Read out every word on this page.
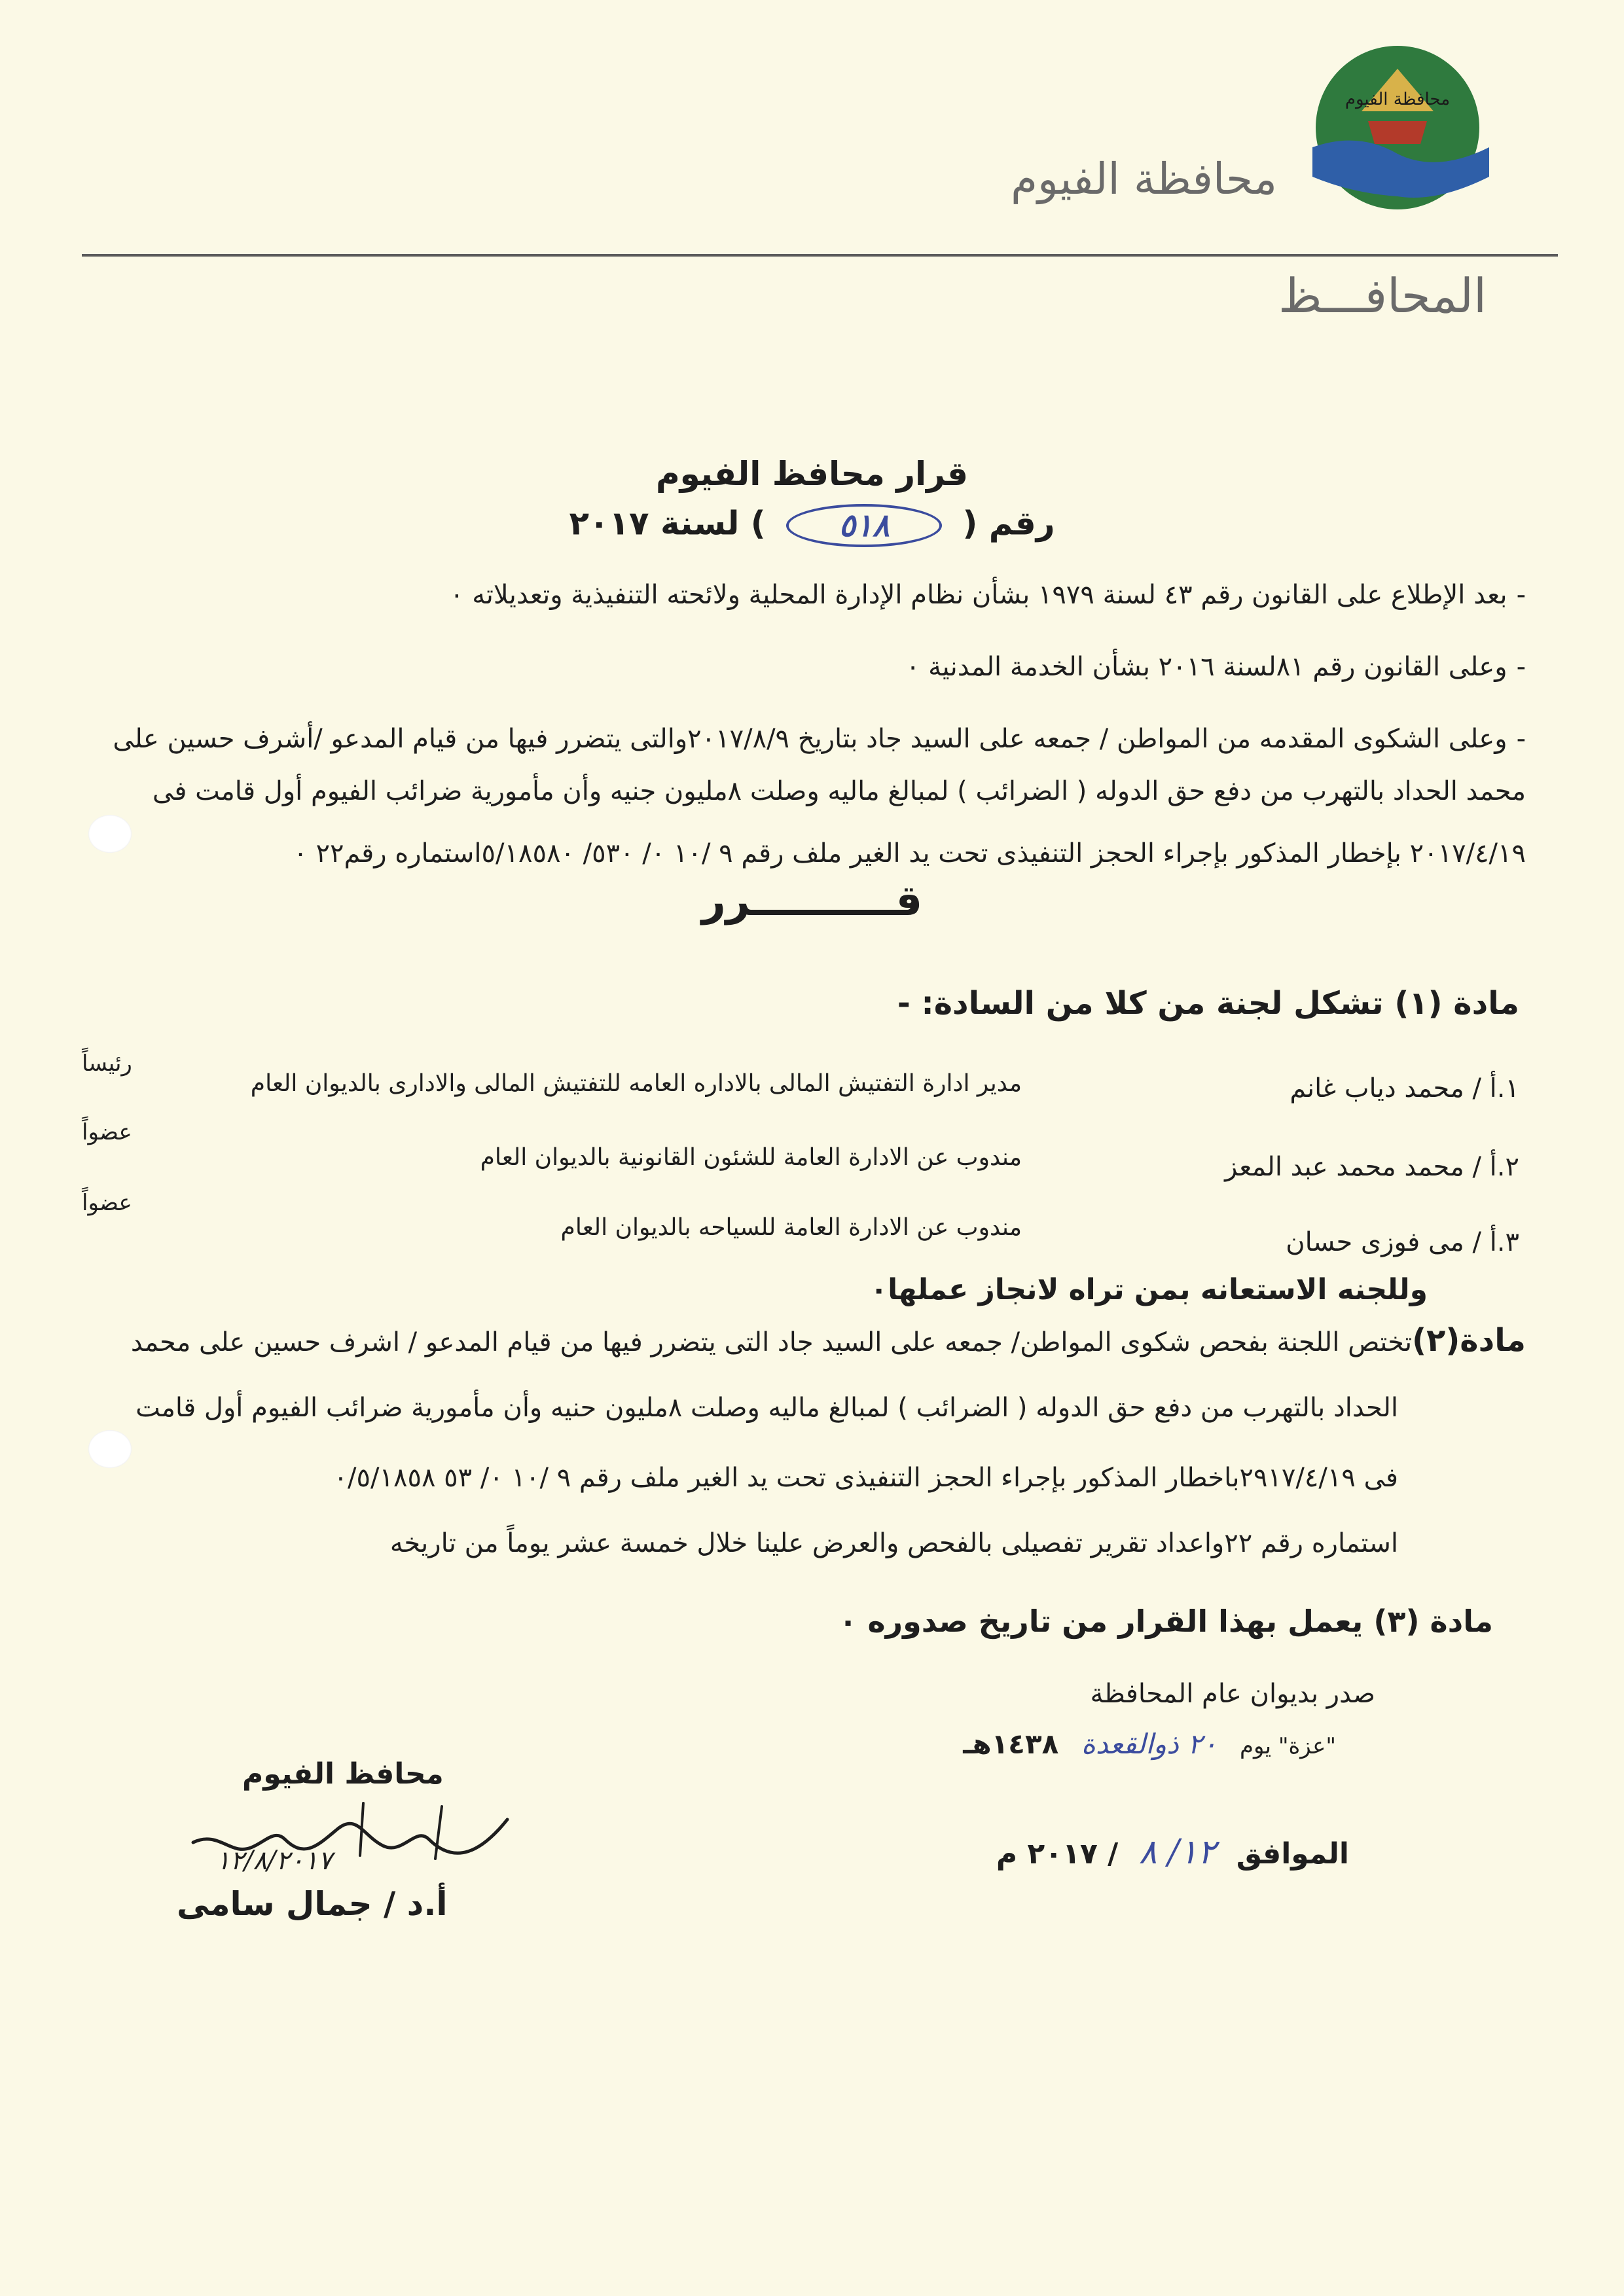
محافظة الفيوم
محافظة الفيوم
المحافـــظ
قرار محافظ الفيوم
رقم ( ٥١٨ ) لسنة ٢٠١٧
-بعد الإطلاع على القانون رقم ٤٣ لسنة ١٩٧٩ بشأن نظام الإدارة المحلية ولائحته التنفيذية وتعديلاته ٠
-وعلى القانون رقم ٨١لسنة ٢٠١٦ بشأن الخدمة المدنية ٠
-وعلى الشكوى المقدمه من المواطن / جمعه على السيد جاد بتاريخ ٢٠١٧/٨/٩والتى يتضرر فيها من قيام المدعو /أشرف حسين على
محمد الحداد بالتهرب من دفع حق الدوله ( الضرائب ) لمبالغ ماليه وصلت ٨مليون جنيه وأن مأمورية ضرائب الفيوم أول قامت فى
٢٠١٧/٤/١٩ بإخطار المذكور بإجراء الحجز التنفيذى تحت يد الغير ملف رقم ٩ /١٠ ٠/ ٥٣٠/ ٥/١٨٥٨٠استماره رقم٢٢ ٠
قــــــــــرر
مادة (١) تشكل لجنة من كلا من السادة: -
١.أ / محمد دياب غانم
مدير ادارة التفتيش المالى بالاداره العامه للتفتيش المالى والادارى بالديوان العام
رئيساً
٢.أ / محمد محمد عبد المعز
مندوب عن الادارة العامة للشئون القانونية بالديوان العام
عضواً
٣.أ / مى فوزى حسان
مندوب عن الادارة العامة للسياحه بالديوان العام
عضواً
وللجنه الاستعانه بمن تراه لانجاز عملها٠
مادة(٢)تختص اللجنة بفحص شكوى المواطن/ جمعه على السيد جاد التى يتضرر فيها من قيام المدعو / اشرف حسين على محمد
الحداد بالتهرب من دفع حق الدوله ( الضرائب ) لمبالغ ماليه وصلت ٨مليون حنيه وأن مأمورية ضرائب الفيوم أول قامت
فى ٢٩١٧/٤/١٩باخطار المذكور بإجراء الحجز التنفيذى تحت يد الغير ملف رقم ٩ /١٠ ٠/ ٥٣ ٠/٥/١٨٥٨
استماره رقم ٢٢واعداد تقرير تفصيلى بالفحص والعرض علينا خلال خمسة عشر يوماً من تاريخه
مادة (٣) يعمل بهذا القرار من تاريخ صدوره ٠
صدر بديوان عام المحافظة
"عزة" يوم ٢٠ ذوالقعدة ١٤٣٨هـ
الموافق ١٢/ ٨ / ٢٠١٧ م
محافظ الفيوم
١٢/٨/٢٠١٧
أ.د / جمال سامى
